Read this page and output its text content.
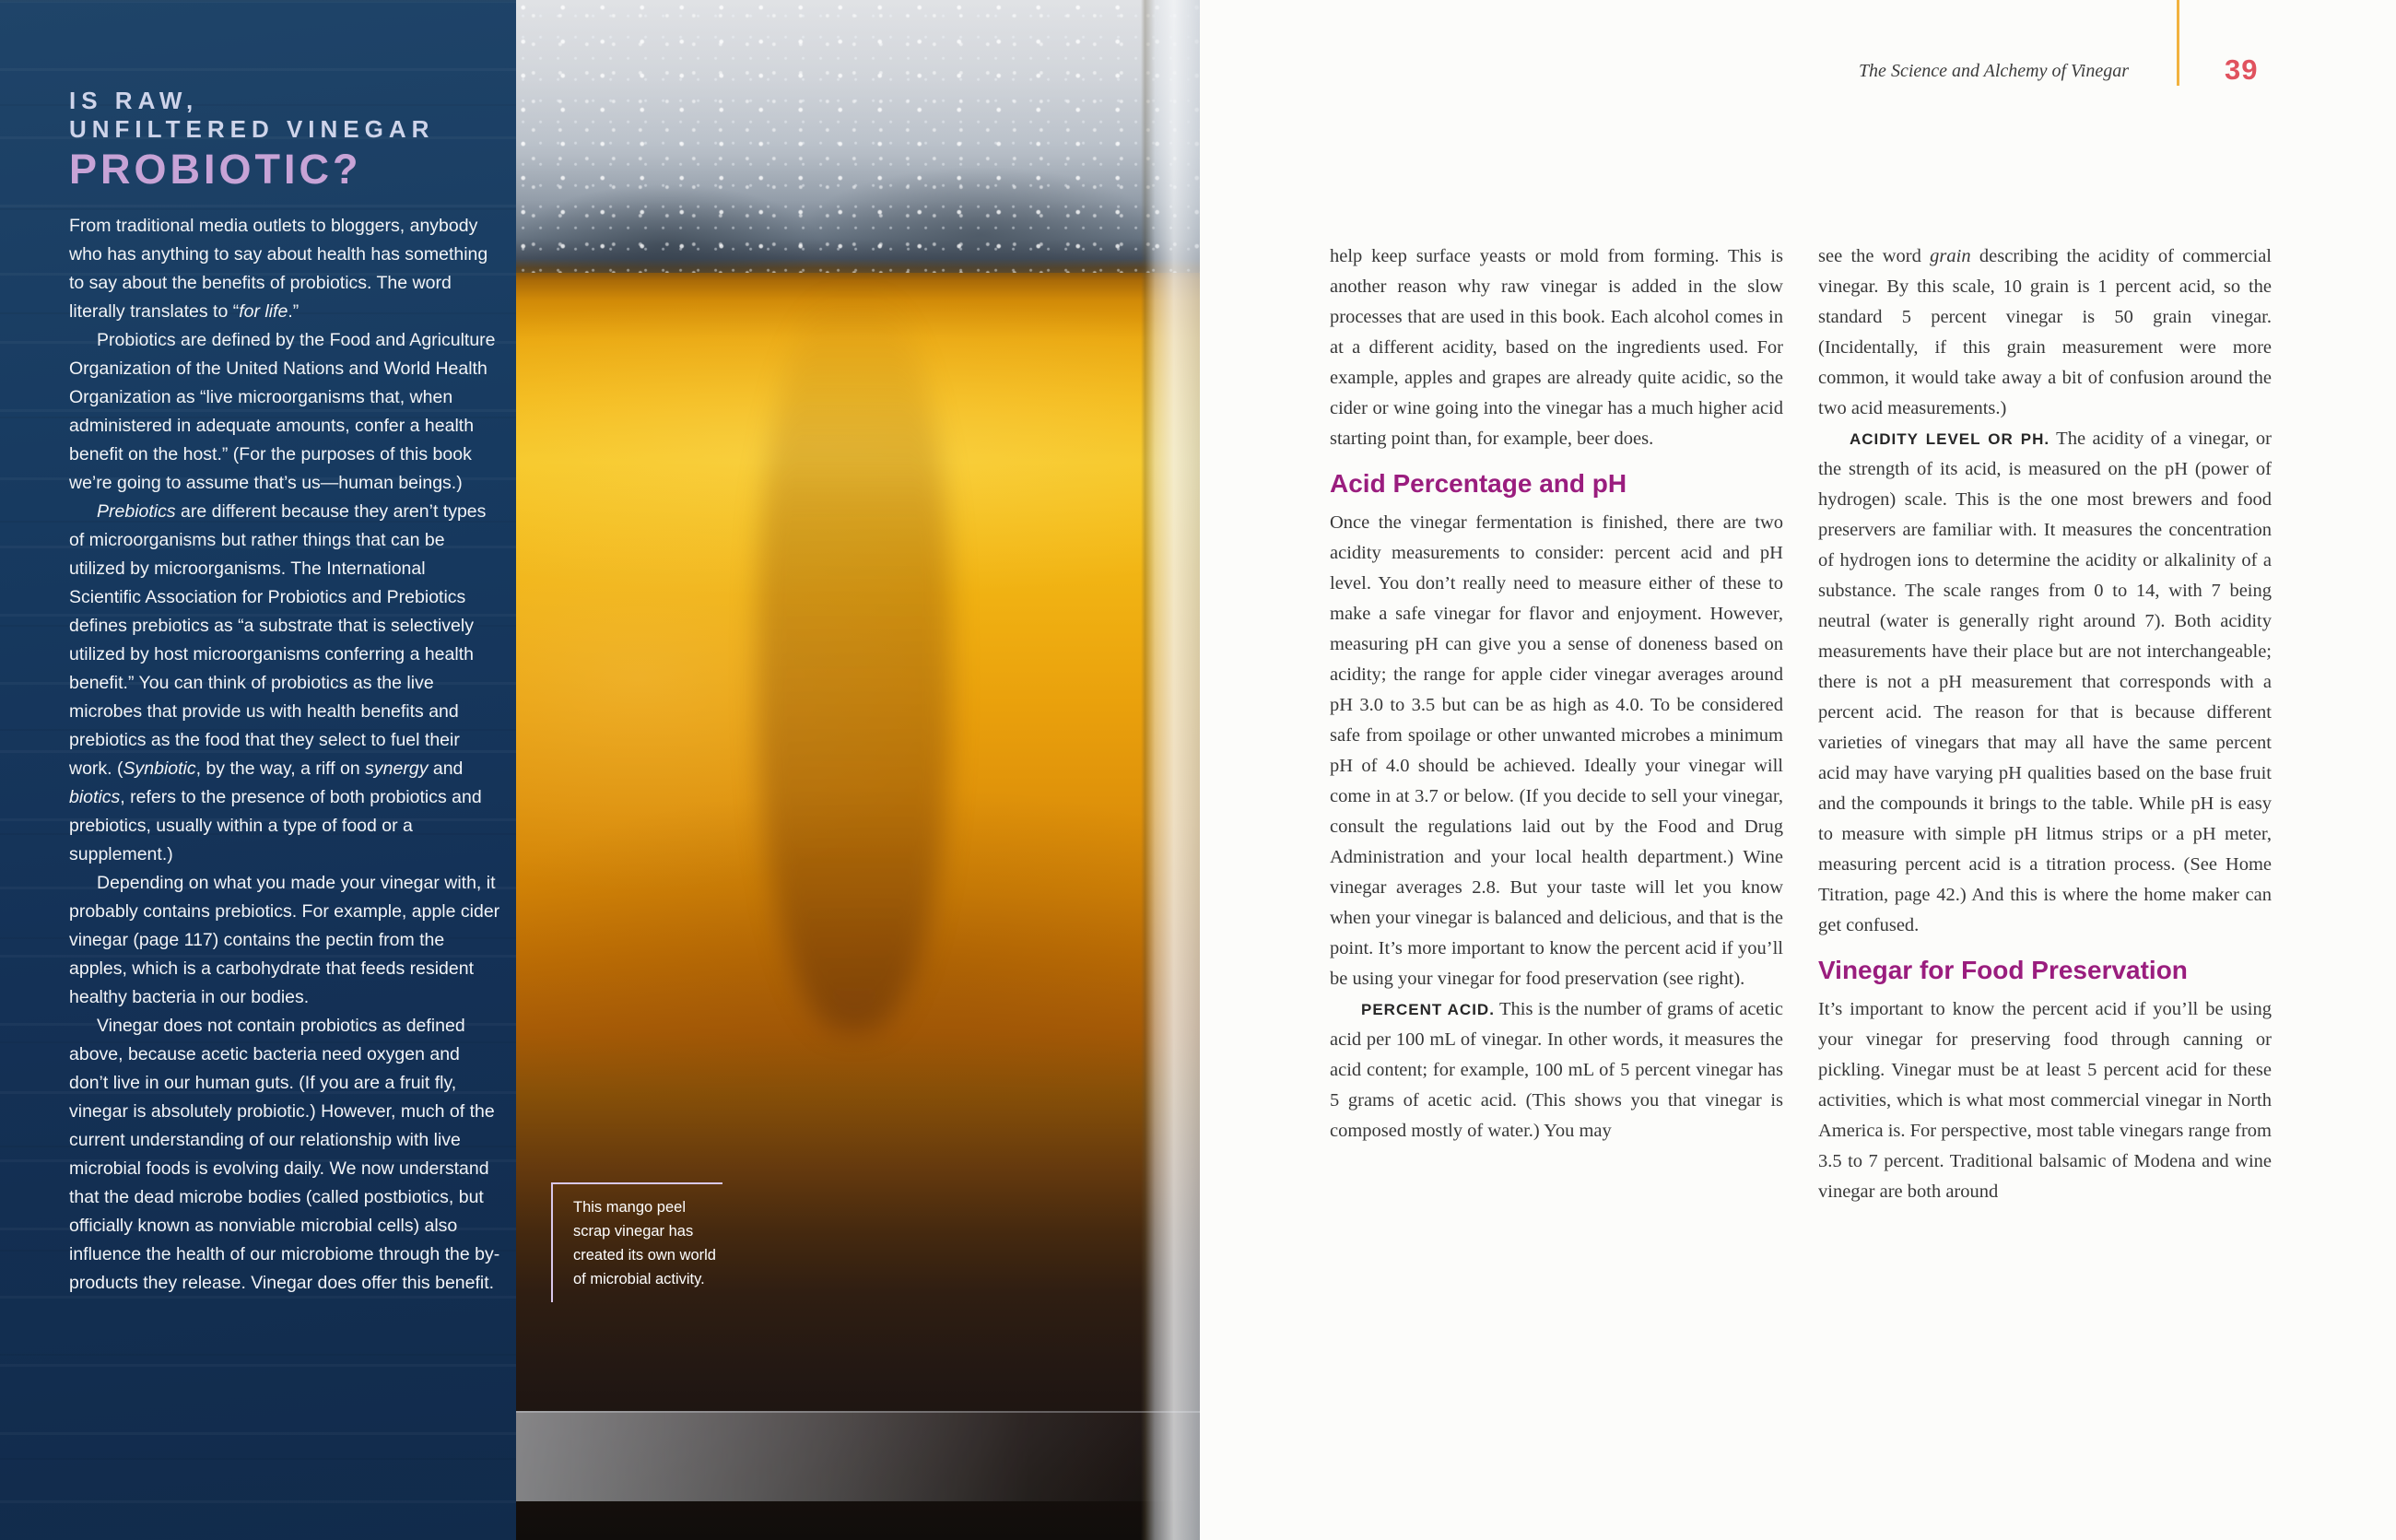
IS RAW,
UNFILTERED VINEGAR
PROBIOTIC?

From traditional media outlets to bloggers, anybody who has anything to say about health has something to say about the benefits of probiotics. The word literally translates to “for life.”

Probiotics are defined by the Food and Agriculture Organization of the United Nations and World Health Organization as “live microorganisms that, when administered in adequate amounts, confer a health benefit on the host.” (For the purposes of this book we’re going to assume that’s us—human beings.)

Prebiotics are different because they aren’t types of microorganisms but rather things that can be utilized by microorganisms. The International Scientific Association for Probiotics and Prebiotics defines prebiotics as “a substrate that is selectively utilized by host microorganisms conferring a health benefit.” You can think of probiotics as the live microbes that provide us with health benefits and prebiotics as the food that they select to fuel their work. (Synbiotic, by the way, a riff on synergy and biotics, refers to the presence of both probiotics and prebiotics, usually within a type of food or a supplement.)

Depending on what you made your vinegar with, it probably contains prebiotics. For example, apple cider vinegar (page 117) contains the pectin from the apples, which is a carbohydrate that feeds resident healthy bacteria in our bodies.

Vinegar does not contain probiotics as defined above, because acetic bacteria need oxygen and don’t live in our human guts. (If you are a fruit fly, vinegar is absolutely probiotic.) However, much of the current understanding of our relationship with live microbial foods is evolving daily. We now understand that the dead microbe bodies (called postbiotics, but officially known as nonviable microbial cells) also influence the health of our microbiome through the by-products they release. Vinegar does offer this benefit.

This mango peel scrap vinegar has created its own world of microbial activity.
The Science and Alchemy of Vinegar	39

help keep surface yeasts or mold from forming. This is another reason why raw vinegar is added in the slow processes that are used in this book. Each alcohol comes in at a different acidity, based on the ingredients used. For example, apples and grapes are already quite acidic, so the cider or wine going into the vinegar has a much higher acid starting point than, for example, beer does.

Acid Percentage and pH

Once the vinegar fermentation is finished, there are two acidity measurements to consider: percent acid and pH level. You don’t really need to measure either of these to make a safe vinegar for flavor and enjoyment. However, measuring pH can give you a sense of doneness based on acidity; the range for apple cider vinegar averages around pH 3.0 to 3.5 but can be as high as 4.0. To be considered safe from spoilage or other unwanted microbes a minimum pH of 4.0 should be achieved. Ideally your vinegar will come in at 3.7 or below. (If you decide to sell your vinegar, consult the regulations laid out by the Food and Drug Administration and your local health department.) Wine vinegar averages 2.8. But your taste will let you know when your vinegar is balanced and delicious, and that is the point. It’s more important to know the percent acid if you’ll be using your vinegar for food preservation (see right).

PERCENT ACID. This is the number of grams of acetic acid per 100 mL of vinegar. In other words, it measures the acid content; for example, 100 mL of 5 percent vinegar has 5 grams of acetic acid. (This shows you that vinegar is composed mostly of water.) You may

see the word grain describing the acidity of commercial vinegar. By this scale, 10 grain is 1 percent acid, so the standard 5 percent vinegar is 50 grain vinegar. (Incidentally, if this grain measurement were more common, it would take away a bit of confusion around the two acid measurements.)

ACIDITY LEVEL OR PH. The acidity of a vinegar, or the strength of its acid, is measured on the pH (power of hydrogen) scale. This is the one most brewers and food preservers are familiar with. It measures the concentration of hydrogen ions to determine the acidity or alkalinity of a substance. The scale ranges from 0 to 14, with 7 being neutral (water is generally right around 7). Both acidity measurements have their place but are not interchangeable; there is not a pH measurement that corresponds with a percent acid. The reason for that is because different varieties of vinegars that may all have the same percent acid may have varying pH qualities based on the base fruit and the compounds it brings to the table. While pH is easy to measure with simple pH litmus strips or a pH meter, measuring percent acid is a titration process. (See Home Titration, page 42.) And this is where the home maker can get confused.

Vinegar for Food Preservation

It’s important to know the percent acid if you’ll be using your vinegar for preserving food through canning or pickling. Vinegar must be at least 5 percent acid for these activities, which is what most commercial vinegar in North America is. For perspective, most table vinegars range from 3.5 to 7 percent. Traditional balsamic of Modena and wine vinegar are both around
